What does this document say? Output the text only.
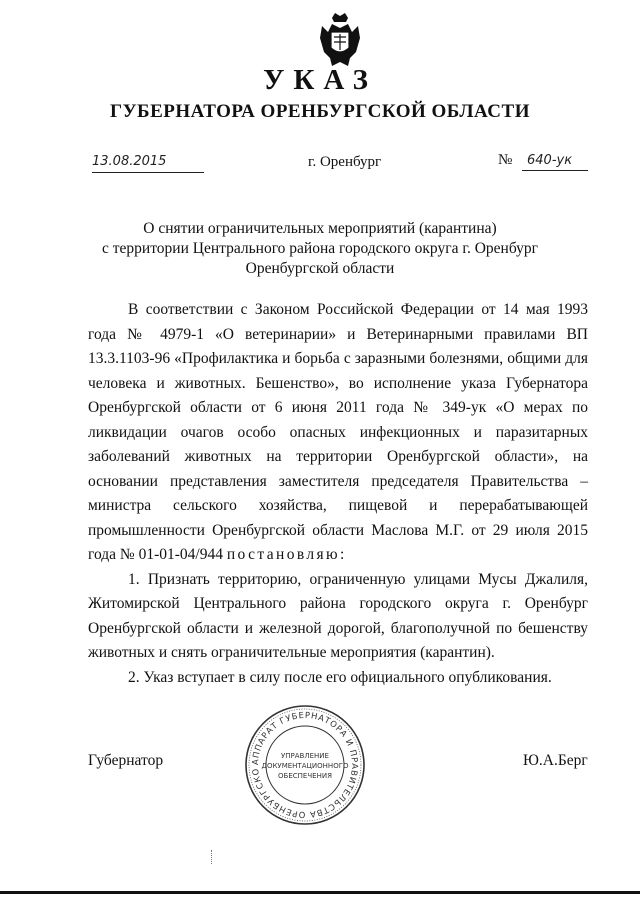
УКАЗ
ГУБЕРНАТОРА ОРЕНБУРГСКОЙ ОБЛАСТИ
13.08.2015	г. Оренбург	№ 640-ук
О снятии ограничительных мероприятий (карантина)
с территории Центрального района городского округа г. Оренбург
Оренбургской области

В соответствии с Законом Российской Федерации от 14 мая 1993 года № 4979-1 «О ветеринарии» и Ветеринарными правилами ВП 13.3.1103-96 «Профилактика и борьба с заразными болезнями, общими для человека и животных. Бешенство», во исполнение указа Губернатора Оренбургской области от 6 июня 2011 года № 349-ук «О мерах по ликвидации очагов особо опасных инфекционных и паразитарных заболеваний животных на территории Оренбургской области», на основании представления заместителя председателя Правительства – министра сельского хозяйства, пищевой и перерабатывающей промышленности Оренбургской области Маслова М.Г. от 29 июля 2015 года № 01-01-04/944 постановляю:

1. Признать территорию, ограниченную улицами Мусы Джалиля, Житомирской Центрального района городского округа г. Оренбург Оренбургской области и железной дорогой, благополучной по бешенству животных и снять ограничительные мероприятия (карантин).

2. Указ вступает в силу после его официального опубликования.

Губернатор	Ю.А.Берг
АППАРАТ ГУБЕРНАТОРА И ПРАВИТЕЛЬСТВА ОРЕНБУРГСКО
УПРАВЛЕНИЕ
ДОКУМЕНТАЦИОННОГО
ОБЕСПЕЧЕНИЯ
